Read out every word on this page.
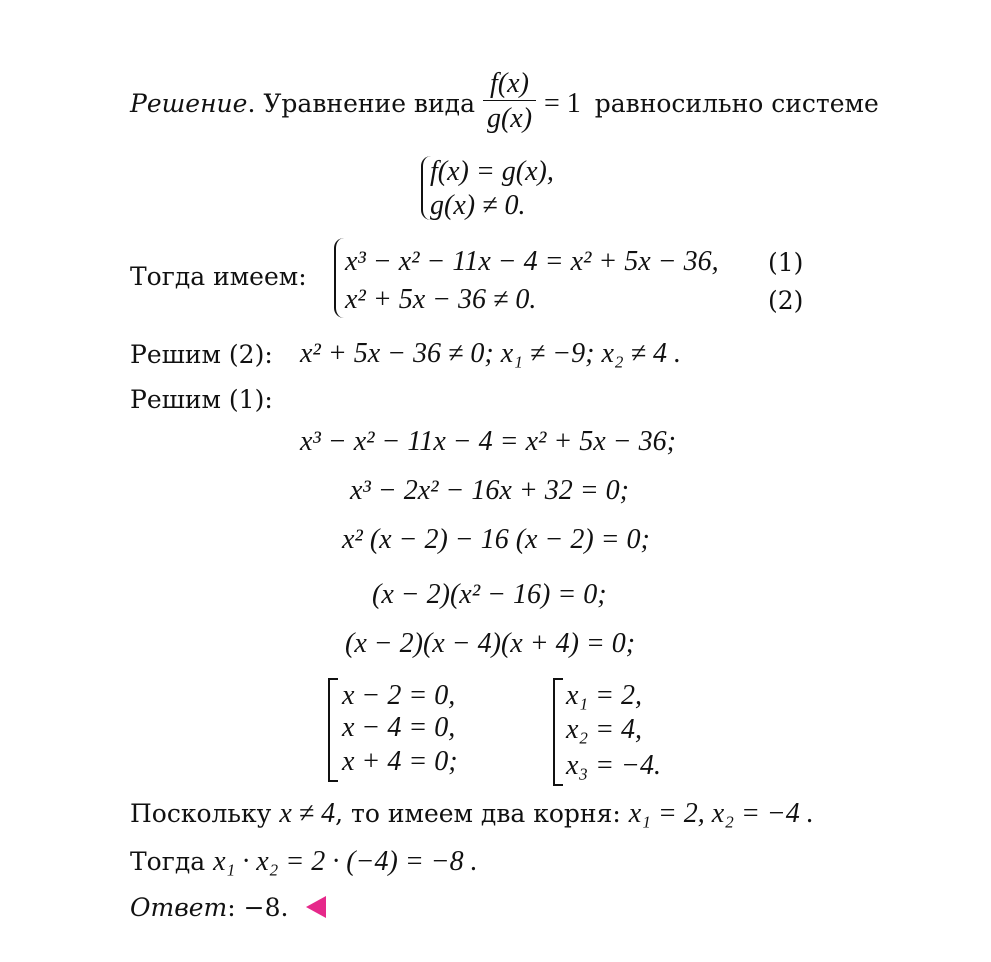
Решение. Уравнение вида $\frac{f(x)}{g(x)} = 1$ равносильно системе
f(x) = g(x),
g(x) ≠ 0.
Тогда имеем: x³ − x² − 11x − 4 = x² + 5x − 36, (1)
x² + 5x − 36 ≠ 0.	(2)
Решим (2): x² + 5x − 36 ≠ 0; x₁ ≠ −9; x₂ ≠ 4 .
Решим (1):
x³ − x² − 11x − 4 = x² + 5x − 36;
x³ − 2x² − 16x + 32 = 0;
x² (x − 2) − 16 (x − 2) = 0;
(x − 2)(x² − 16) = 0;
(x − 2)(x − 4)(x + 4) = 0;
x − 2 = 0,
x − 4 = 0,
x + 4 = 0;
x₁ = 2,
x₂ = 4,
x₃ = −4.
Поскольку x ≠ 4, то имеем два корня: x₁ = 2, x₂ = −4 .
Тогда x₁ · x₂ = 2 · (−4) = −8 .
Ответ: −8.
